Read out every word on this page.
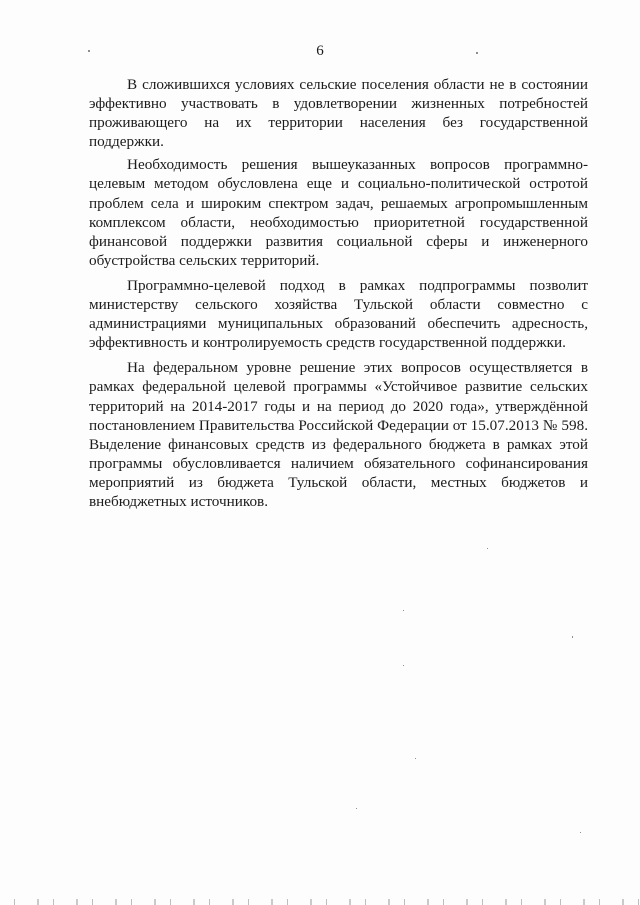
6

В сложившихся условиях сельские поселения области не в состоянии эффективно участвовать в удовлетворении жизненных потребностей проживающего на их территории населения без государственной поддержки.

Необходимость решения вышеуказанных вопросов программно-целевым методом обусловлена еще и социально-политической остротой проблем села и широким спектром задач, решаемых агропромышленным комплексом области, необходимостью приоритетной государственной финансовой поддержки развития социальной сферы и инженерного обустройства сельских территорий.

Программно-целевой подход в рамках подпрограммы позволит министерству сельского хозяйства Тульской области совместно с администрациями муниципальных образований обеспечить адресность, эффективность и контролируемость средств государственной поддержки.

На федеральном уровне решение этих вопросов осуществляется в рамках федеральной целевой программы «Устойчивое развитие сельских территорий на 2014-2017 годы и на период до 2020 года», утверждённой постановлением Правительства Российской Федерации от 15.07.2013 № 598. Выделение финансовых средств из федерального бюджета в рамках этой программы обусловливается наличием обязательного софинансирования мероприятий из бюджета Тульской области, местных бюджетов и внебюджетных источников.
